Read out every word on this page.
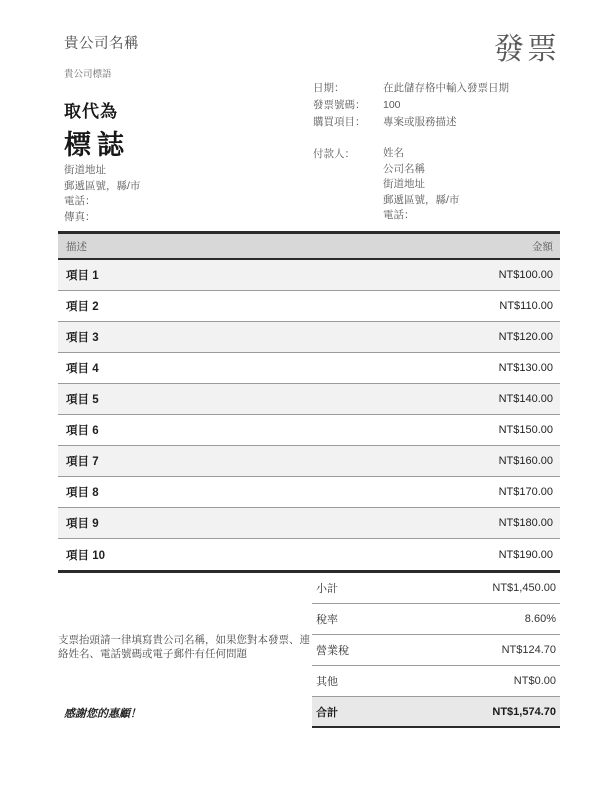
貴公司名稱
貴公司標語
發票
日期：	在此儲存格中輸入發票日期
發票號碼：	100
購買項目：	專案或服務描述
取代為
標誌	付款人：	姓名
公司名稱
街道地址
郵遞區號，縣/市
電話：
街道地址
郵遞區號，縣/市
電話：
傳真：
描述	金額
項目 1	NT$100.00
項目 2	NT$110.00
項目 3	NT$120.00
項目 4	NT$130.00
項目 5	NT$140.00
項目 6	NT$150.00
項目 7	NT$160.00
項目 8	NT$170.00
項目 9	NT$180.00
項目 10	NT$190.00
支票抬頭請一律填寫貴公司名稱，如果您對本發票、連絡姓名、電話號碼或電子郵件有任何問題
感謝您的惠顧！
小計	NT$1,450.00
稅率	8.60%
營業稅	NT$124.70
其他	NT$0.00
合計	NT$1,574.70
